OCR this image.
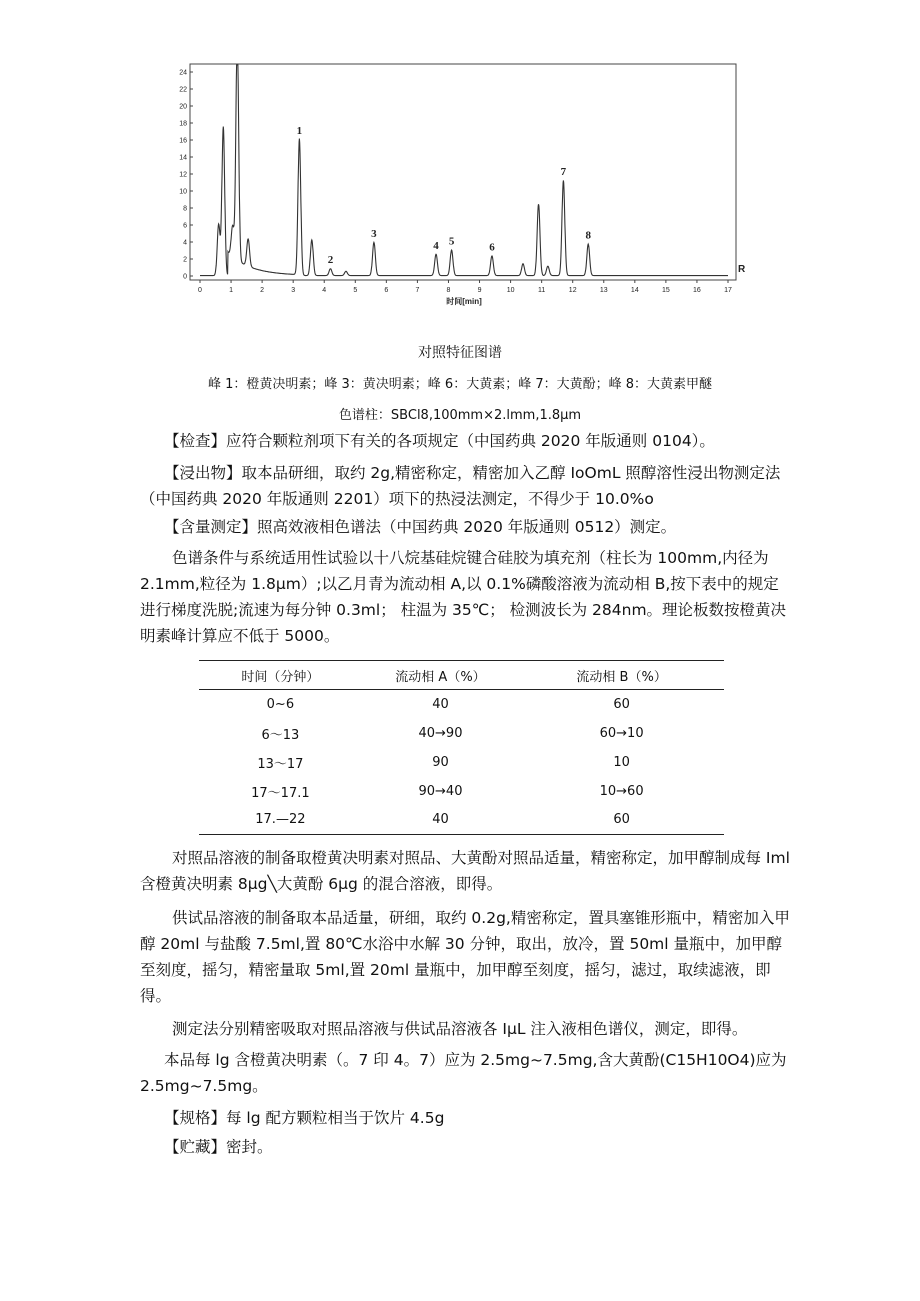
0
2
4
6
8
10
12
14
16
18
20
22
24
0	1	2	3	4	5	6	7	8	9	10	11	12	13	14	15	16	17
1
2
3
4 5	6
7
8
时间[min]
R
对照特征图谱
峰 1：橙黄决明素；峰 3：黄决明素；峰 6：大黄素；峰 7：大黄酚；峰 8：大黄素甲醚
色谱柱：SBCl8,100mm×2.lmm,1.8μm

【检查】应符合颗粒剂项下有关的各项规定（中国药典 2020 年版通则 0104）。

【浸出物】取本品研细，取约 2g,精密称定，精密加入乙醇 IoOmL 照醇溶性浸出物测定法（中国药典 2020 年版通则 2201）项下的热浸法测定，不得少于 10.0%o

【含量测定】照高效液相色谱法（中国药典 2020 年版通则 0512）测定。

色谱条件与系统适用性试验以十八烷基硅烷键合硅胶为填充剂（柱长为 100mm,内径为 2.1mm,粒径为 1.8μm）;以乙月青为流动相 A,以 0.1%磷酸溶液为流动相 B,按下表中的规定进行梯度洗脱;流速为每分钟 0.3ml； 柱温为 35℃； 检测波长为 284nm。理论板数按橙黄决明素峰计算应不低于 5000。

时间（分钟）	流动相 A（%）	流动相 B（%）
0~6	40	60
6～13	40→90	60→10
13～17	90	10
17～17.1	90→40	10→60
17.—22	40	60

对照品溶液的制备取橙黄决明素对照品、大黄酚对照品适量，精密称定，加甲醇制成每 Iml 含橙黄决明素 8μg╲大黄酚 6μg 的混合溶液，即得。

供试品溶液的制备取本品适量，研细，取约 0.2g,精密称定，置具塞锥形瓶中，精密加入甲醇 20ml 与盐酸 7.5ml,置 80℃水浴中水解 30 分钟，取出，放冷，置 50ml 量瓶中，加甲醇至刻度，摇匀，精密量取 5ml,置 20ml 量瓶中，加甲醇至刻度，摇匀，滤过，取续滤液，即得。

测定法分别精密吸取对照品溶液与供试品溶液各 IμL 注入液相色谱仪，测定，即得。

本品每 lg 含橙黄决明素（。7 印 4。7）应为 2.5mg~7.5mg,含大黄酚(C15H10O4)应为 2.5mg~7.5mg。

【规格】每 lg 配方颗粒相当于饮片 4.5g

【贮藏】密封。
